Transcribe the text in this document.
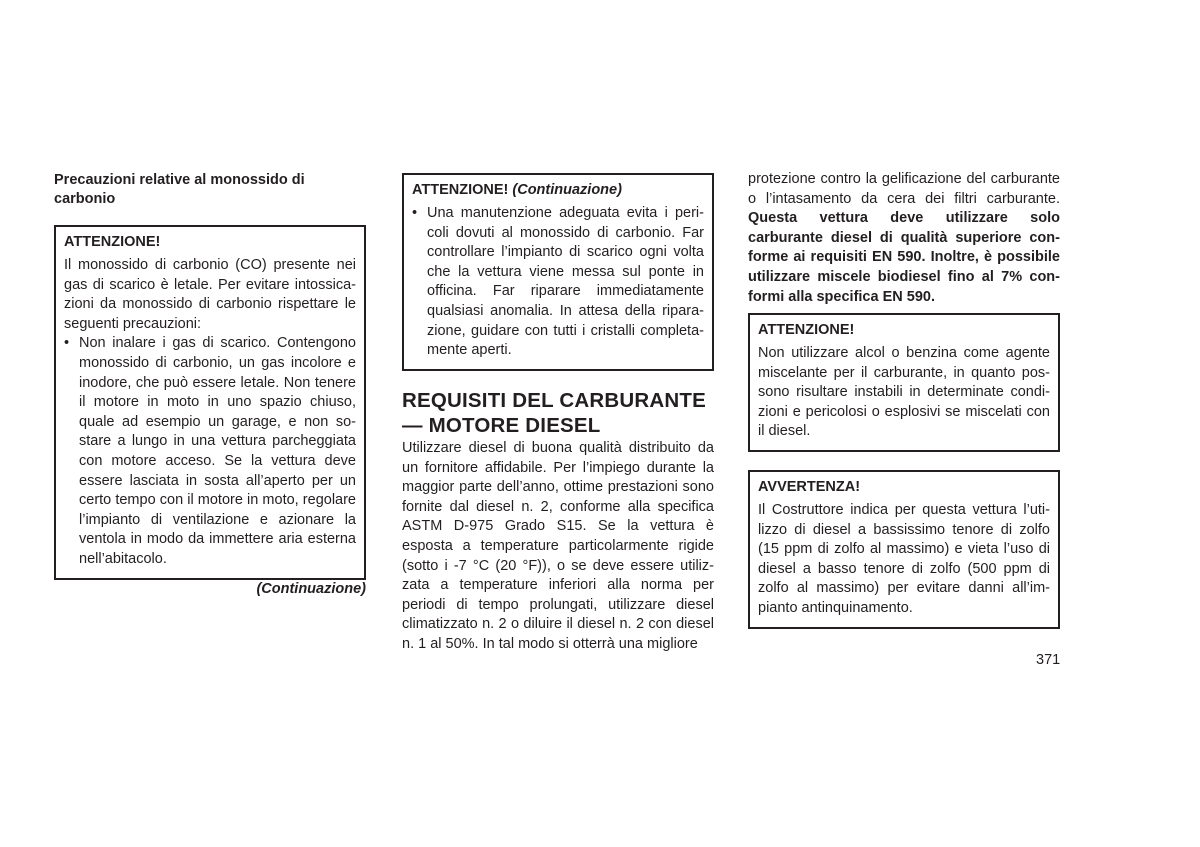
Precauzioni relative al monossido di carbonio

ATTENZIONE!

Il monossido di carbonio (CO) presente nei gas di scarico è letale. Per evitare intossicazioni da monossido di carbonio rispettare le seguenti precauzioni:

• Non inalare i gas di scarico. Contengono monossido di carbonio, un gas incolore e inodore, che può essere letale. Non tenere il motore in moto in uno spazio chiuso, quale ad esempio un garage, e non sostare a lungo in una vettura parcheggiata con motore acceso. Se la vettura deve essere lasciata in sosta all’aperto per un certo tempo con il motore in moto, regolare l’impianto di ventilazione e azionare la ventola in modo da immettere aria esterna nell’abitacolo.

(Continuazione)

ATTENZIONE! (Continuazione)

• Una manutenzione adeguata evita i pericoli dovuti al monossido di carbonio. Far controllare l’impianto di scarico ogni volta che la vettura viene messa sul ponte in officina. Far riparare immediatamente qualsiasi anomalia. In attesa della riparazione, guidare con tutti i cristalli completamente aperti.
REQUISITI DEL CARBURANTE — MOTORE DIESEL

Utilizzare diesel di buona qualità distribuito da un fornitore affidabile. Per l’impiego durante la maggior parte dell’anno, ottime prestazioni sono fornite dal diesel n. 2, conforme alla specifica ASTM D-975 Grado S15. Se la vettura è esposta a temperature particolarmente rigide (sotto i -7 °C (20 °F)), o se deve essere utilizzata a temperature inferiori alla norma per periodi di tempo prolungati, utilizzare diesel climatizzato n. 2 o diluire il diesel n. 2 con diesel n. 1 al 50%. In tal modo si otterrà una migliore

protezione contro la gelificazione del carburante o l’intasamento da cera dei filtri carburante. Questa vettura deve utilizzare solo carburante diesel di qualità superiore conforme ai requisiti EN 590. Inoltre, è possibile utilizzare miscele biodiesel fino al 7% conformi alla specifica EN 590.

ATTENZIONE!

Non utilizzare alcol o benzina come agente miscelante per il carburante, in quanto possono risultare instabili in determinate condizioni e pericolosi o esplosivi se miscelati con il diesel.

AVVERTENZA!

Il Costruttore indica per questa vettura l’utilizzo di diesel a bassissimo tenore di zolfo (15 ppm di zolfo al massimo) e vieta l’uso di diesel a basso tenore di zolfo (500 ppm di zolfo al massimo) per evitare danni all’impianto antinquinamento.

371
